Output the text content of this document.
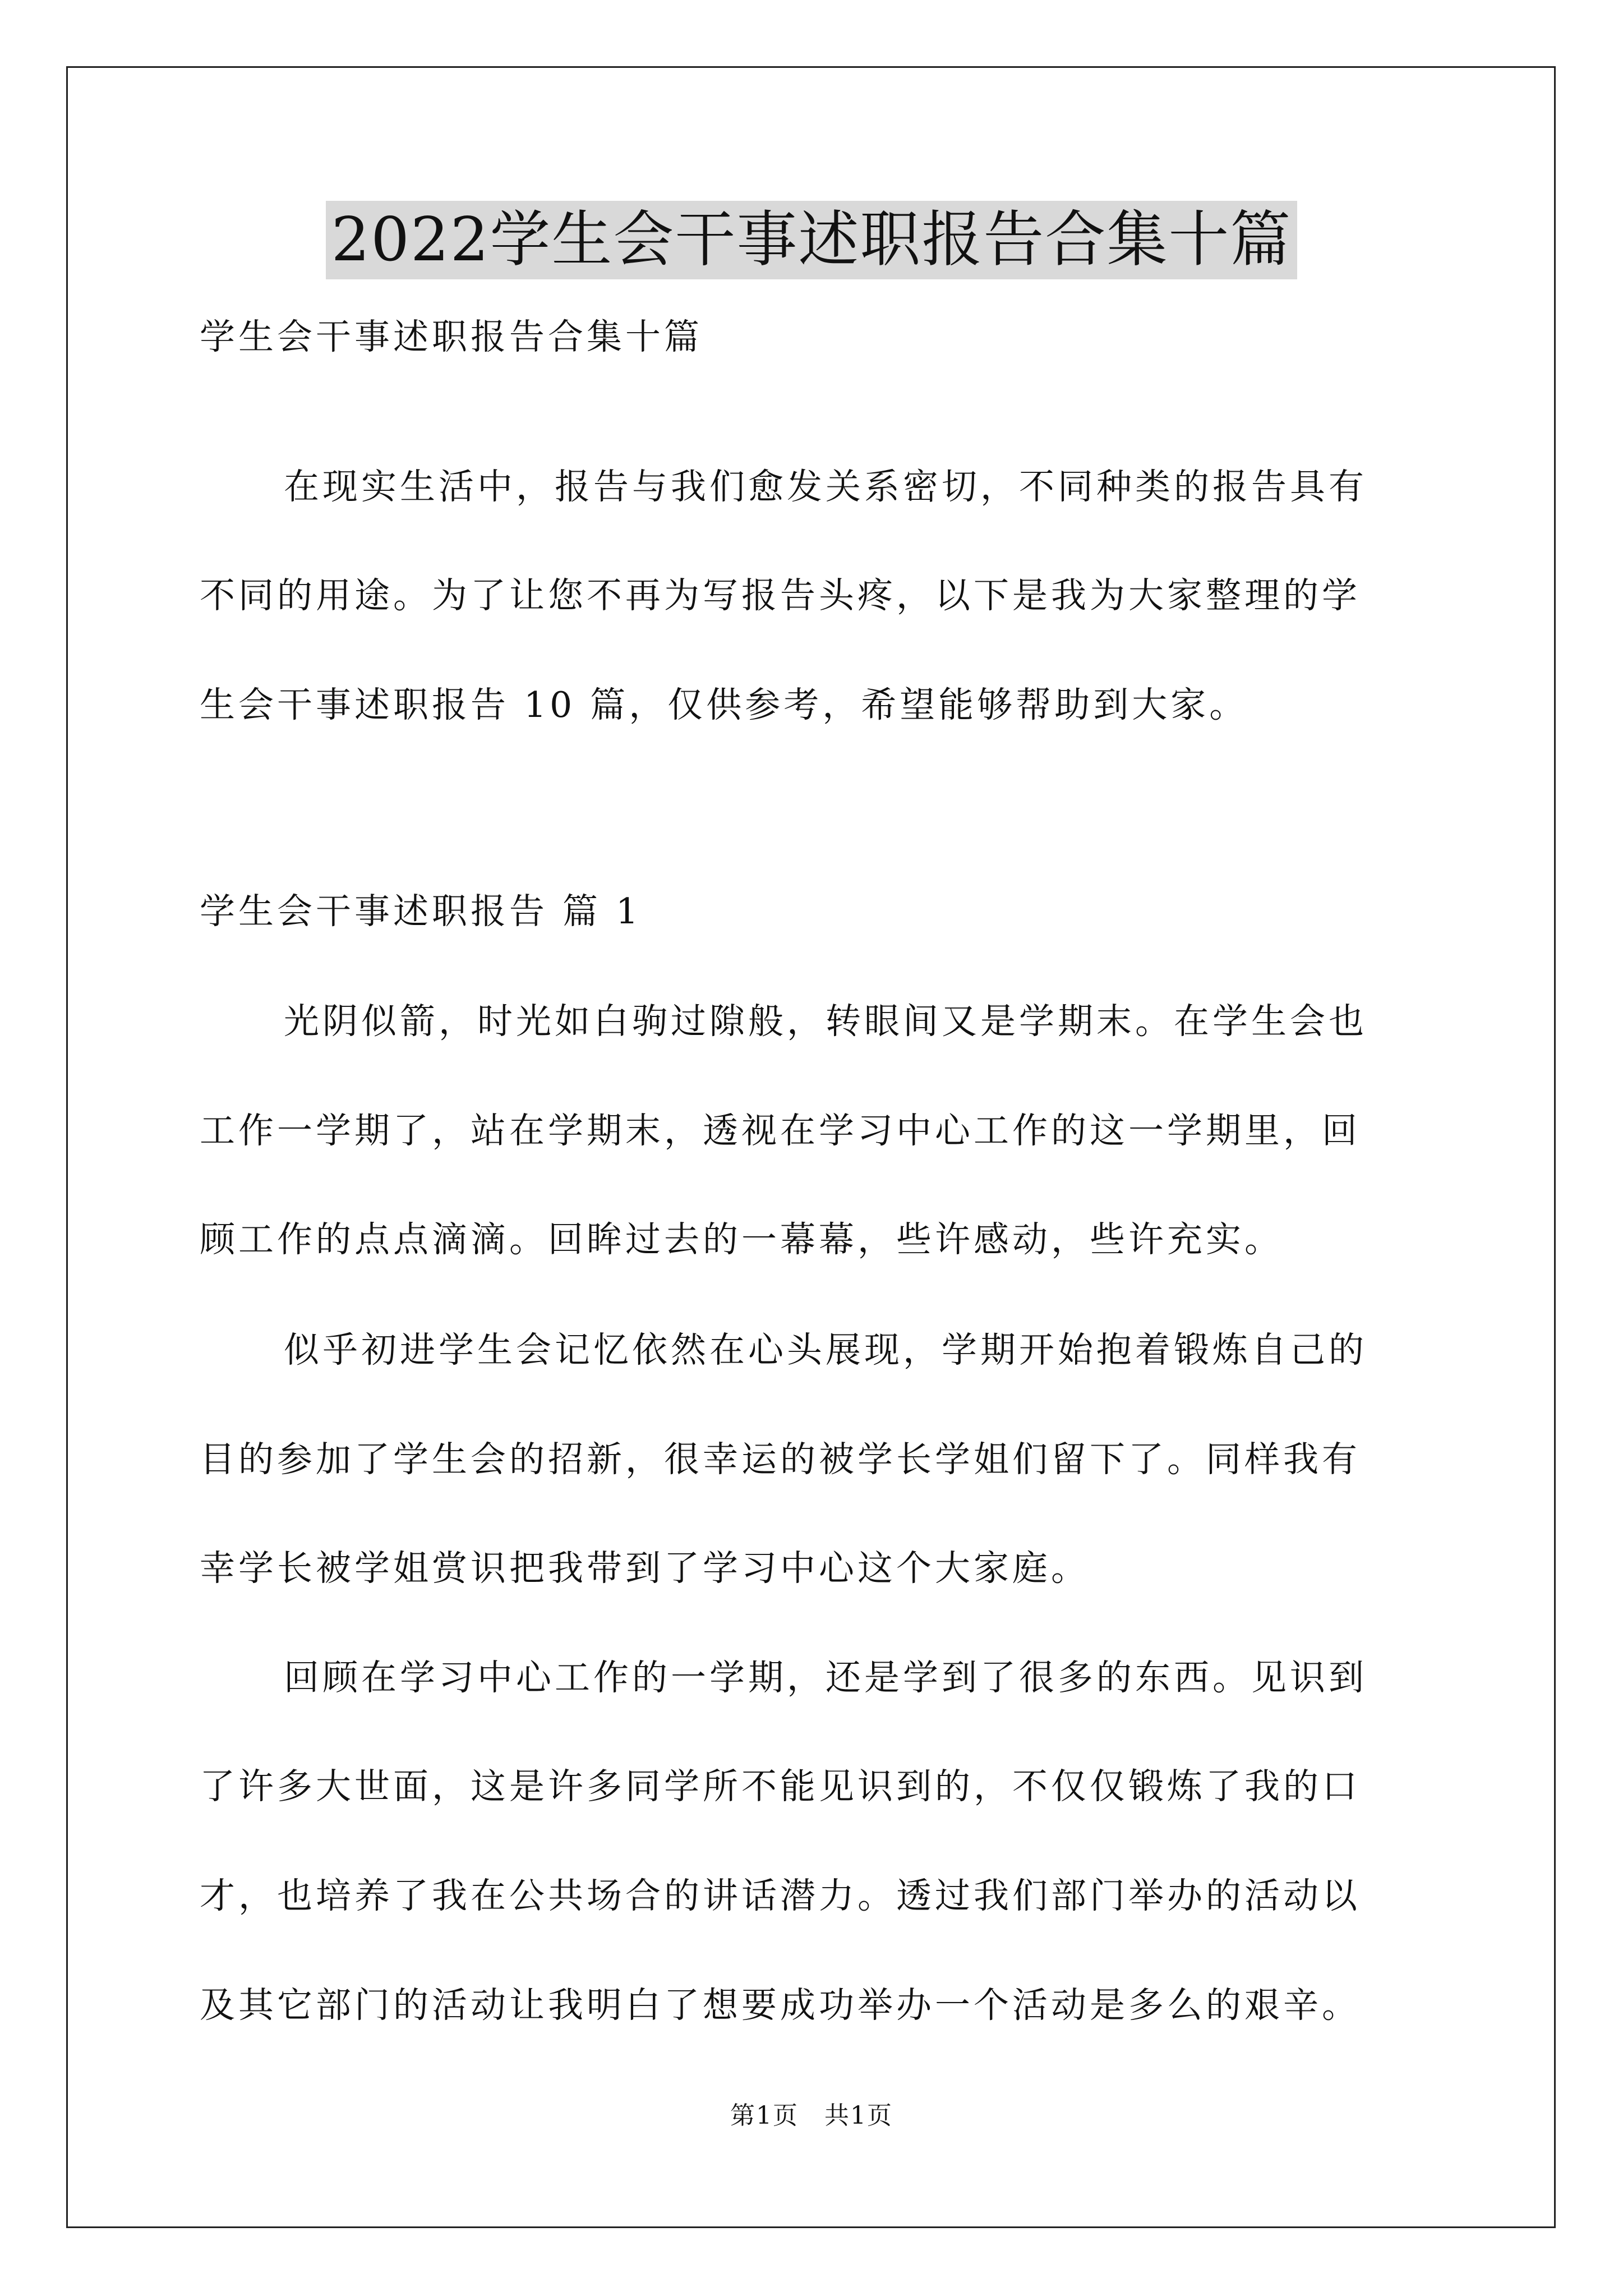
2022学生会干事述职报告合集十篇
学生会干事述职报告合集十篇
在现实生活中，报告与我们愈发关系密切，不同种类的报告具有
不同的用途。为了让您不再为写报告头疼，以下是我为大家整理的学
生会干事述职报告 10 篇，仅供参考，希望能够帮助到大家。
学生会干事述职报告 篇 1
光阴似箭，时光如白驹过隙般，转眼间又是学期末。在学生会也
工作一学期了，站在学期末，透视在学习中心工作的这一学期里，回
顾工作的点点滴滴。回眸过去的一幕幕，些许感动，些许充实。
似乎初进学生会记忆依然在心头展现，学期开始抱着锻炼自己的
目的参加了学生会的招新，很幸运的被学长学姐们留下了。同样我有
幸学长被学姐赏识把我带到了学习中心这个大家庭。
回顾在学习中心工作的一学期，还是学到了很多的东西。见识到
了许多大世面，这是许多同学所不能见识到的，不仅仅锻炼了我的口
才，也培养了我在公共场合的讲话潜力。透过我们部门举办的活动以
及其它部门的活动让我明白了想要成功举办一个活动是多么的艰辛。
第1页　共1页
